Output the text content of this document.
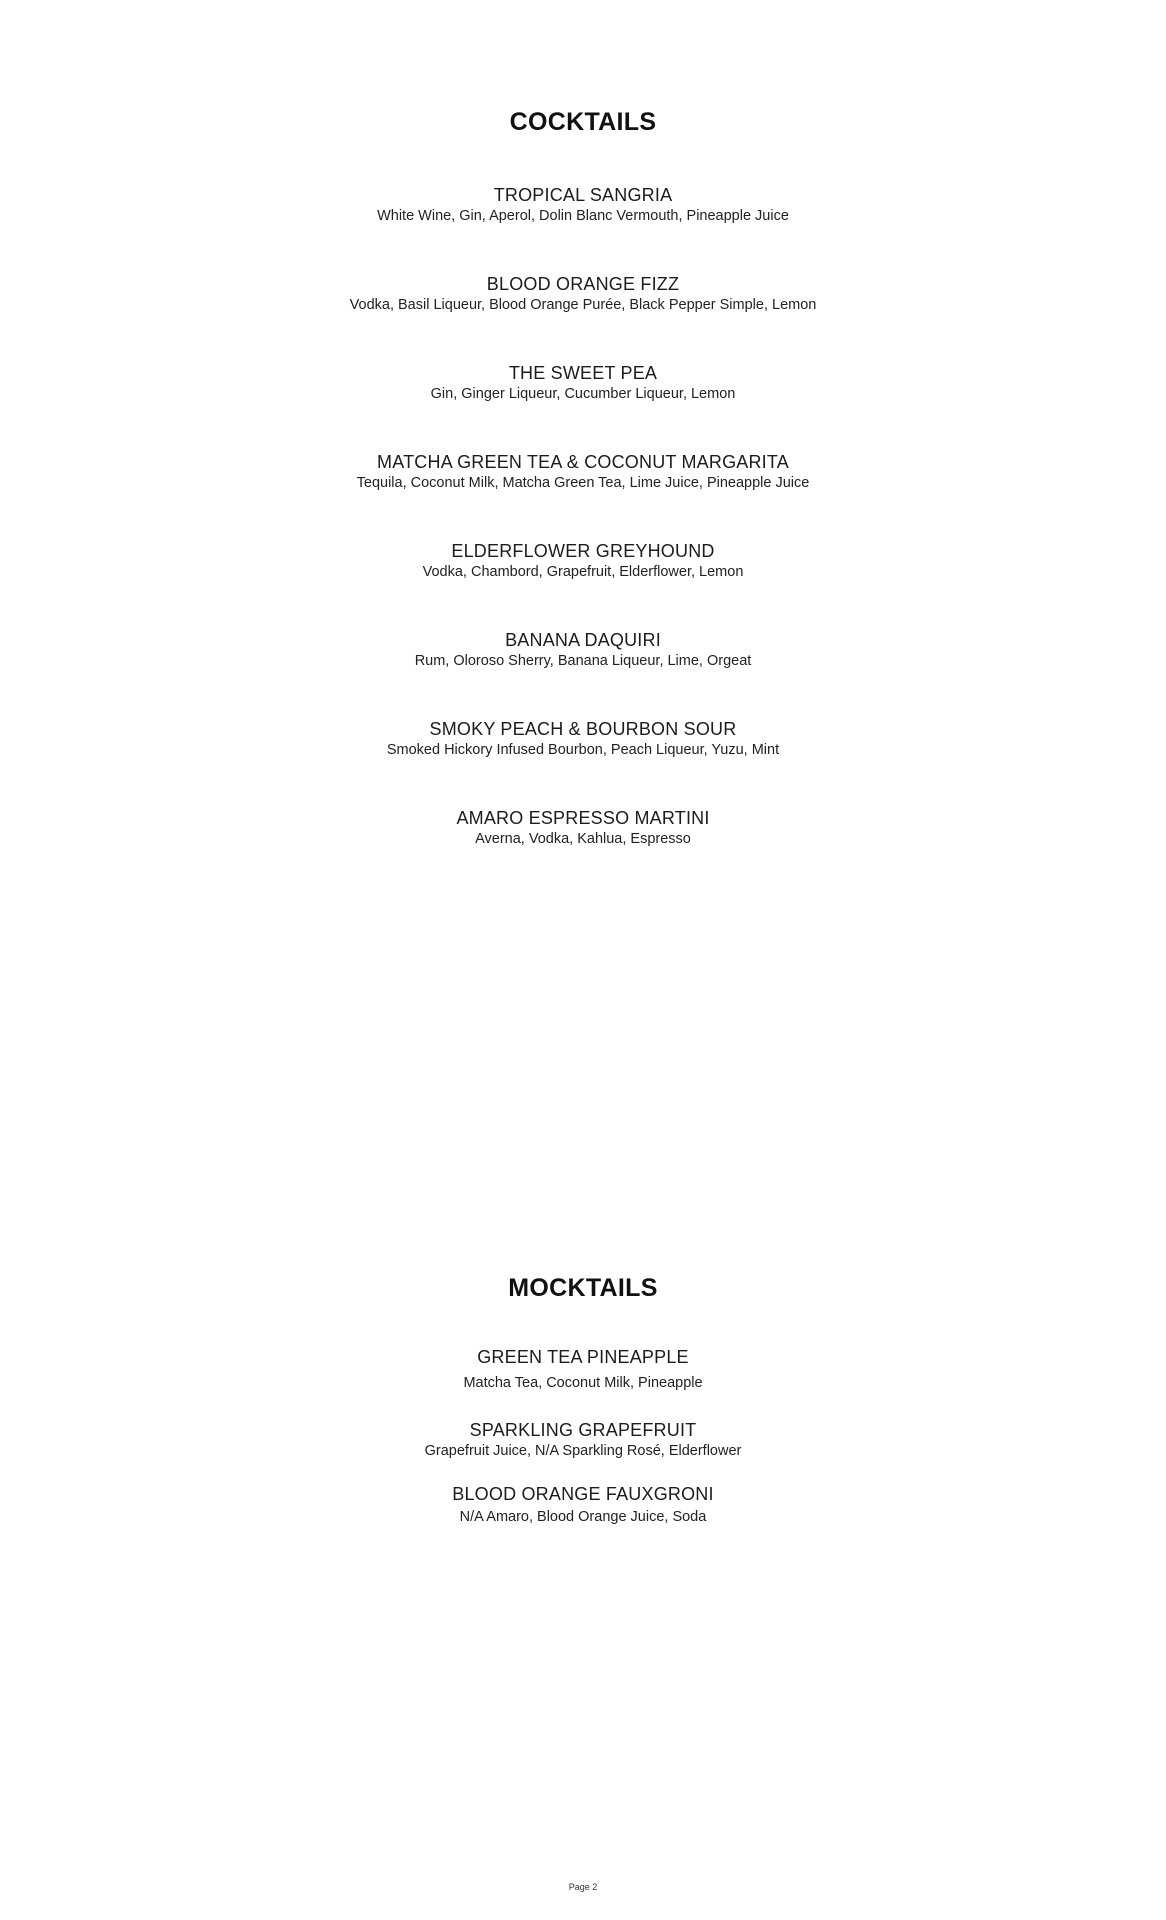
COCKTAILS
TROPICAL SANGRIA
White Wine, Gin, Aperol, Dolin Blanc Vermouth, Pineapple Juice
BLOOD ORANGE FIZZ
Vodka, Basil Liqueur, Blood Orange Purée, Black Pepper Simple, Lemon
THE SWEET PEA
Gin, Ginger Liqueur, Cucumber Liqueur, Lemon
MATCHA GREEN TEA & COCONUT MARGARITA
Tequila, Coconut Milk, Matcha Green Tea, Lime Juice, Pineapple Juice
ELDERFLOWER GREYHOUND
Vodka, Chambord, Grapefruit, Elderflower, Lemon
BANANA DAQUIRI
Rum, Oloroso Sherry, Banana Liqueur, Lime, Orgeat
SMOKY PEACH & BOURBON SOUR
Smoked Hickory Infused Bourbon, Peach Liqueur, Yuzu, Mint
AMARO ESPRESSO MARTINI
Averna, Vodka, Kahlua, Espresso
MOCKTAILS
GREEN TEA PINEAPPLE
Matcha Tea, Coconut Milk, Pineapple
SPARKLING GRAPEFRUIT
Grapefruit Juice, N/A Sparkling Rosé, Elderflower
BLOOD ORANGE FAUXGRONI
N/A Amaro, Blood Orange Juice, Soda
Page 2
